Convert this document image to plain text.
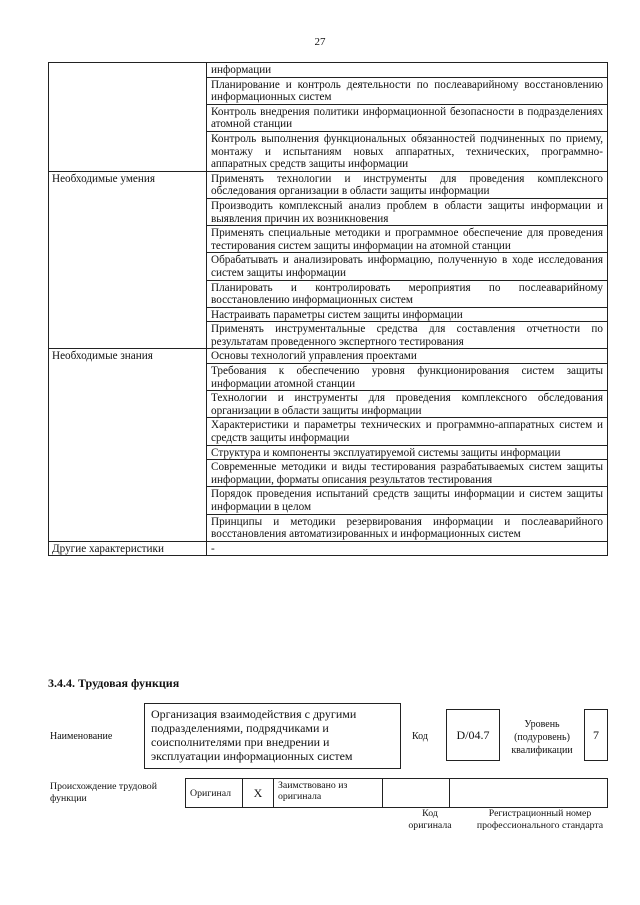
27
	информации
	Планирование и контроль деятельности по послеаварийному восстановлению информационных систем
	Контроль внедрения политики информационной безопасности в подразделениях атомной станции
	Контроль выполнения функциональных обязанностей подчиненных по приему, монтажу и испытаниям новых аппаратных, технических, программно-аппаратных средств защиты информации
Необходимые умения	Применять технологии и инструменты для проведения комплексного обследования организации в области защиты информации
	Производить комплексный анализ проблем в области защиты информации и выявления причин их возникновения
	Применять специальные методики и программное обеспечение для проведения тестирования систем защиты информации на атомной станции
	Обрабатывать и анализировать информацию, полученную в ходе исследования систем защиты информации
	Планировать и контролировать мероприятия по послеаварийному восстановлению информационных систем
	Настраивать параметры систем защиты информации
	Применять инструментальные средства для составления отчетности по результатам проведенного экспертного тестирования
Необходимые знания	Основы технологий управления проектами
	Требования к обеспечению уровня функционирования систем защиты информации атомной станции
	Технологии и инструменты для проведения комплексного обследования организации в области защиты информации
	Характеристики и параметры технических и программно-аппаратных систем и средств защиты информации
	Структура и компоненты эксплуатируемой системы защиты информации
	Современные методики и виды тестирования разрабатываемых систем защиты информации, форматы описания результатов тестирования
	Порядок проведения испытаний средств защиты информации и систем защиты информации в целом
	Принципы и методики резервирования информации и послеаварийного восстановления автоматизированных и информационных систем
Другие характеристики	-
3.4.4. Трудовая функция
Наименование
Организация взаимодействия с другими подразделениями, подрядчиками и соисполнителями при внедрении и эксплуатации информационных систем
Код	D/04.7
Уровень (подуровень) квалификации
7
Происхождение трудовой функции	Оригинал	X	Заимствовано из оригинала		
Код оригинала
Регистрационный номер профессионального стандарта
